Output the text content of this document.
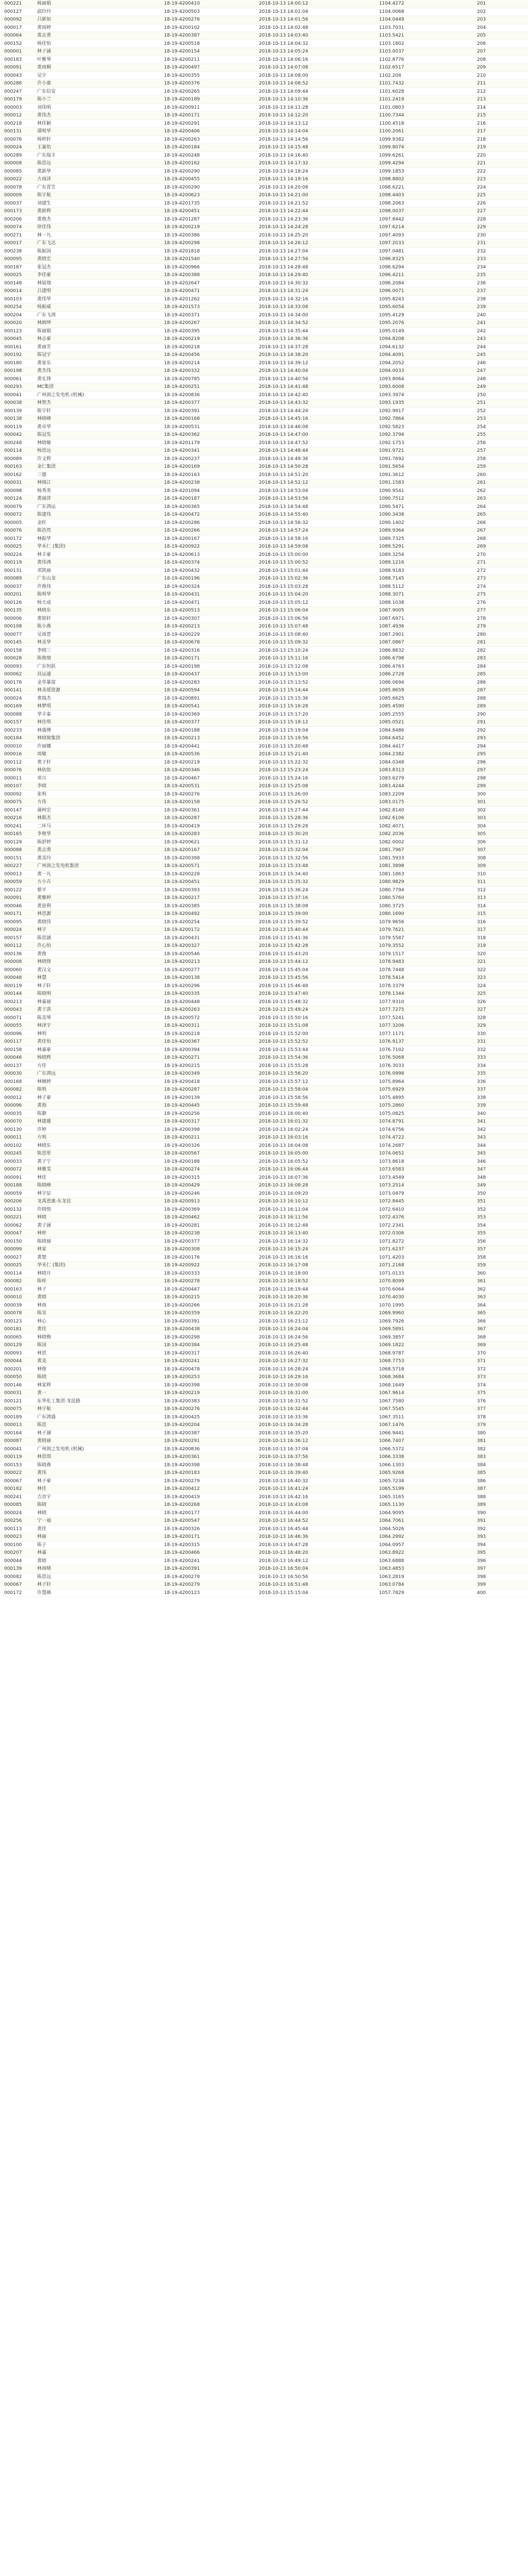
000221	杨丽娟	18-19-4200410	2018-10-13 14:00:12	1104.4272	201
000127	邱玲玲	18-19-4200503	2018-10-13 14:01:04	1104.0068	202
000092	吕新如	18-19-4200276	2018-10-13 14:01:56	1104.0449	203
000017	黄雨婷	18-19-4200102	2018-10-13 14:02:48	1103.7031	204
000064	黄志勇	18-19-4200387	2018-10-13 14:03:40	1103.5421	205
000152	杨佳怡	18-19-4200518	2018-10-13 14:04:32	1103.1802	206
000001	林子涵	18-19-4200154	2018-10-13 14:05:24	1103.0037	207
000183	叶雅琴	18-19-4200211	2018-10-13 14:06:16	1102.8776	208
000091	黄雨桐	18-19-4200497	2018-10-13 14:07:08	1102.6517	209
000043	吴宇	18-19-4200355	2018-10-13 14:08:00	1102.204	210
000286	许小康	18-19-4200376	2018-10-13 14:08:52	1101.7432	211
000247	广东信安	18-19-4200265	2018-10-13 14:09:44	1101.6028	212
000179	陈小兰	18-19-4200189	2018-10-13 14:10:36	1101.2419	213
000003	刘伟明	18-19-4200911	2018-10-13 14:11:28	1101.0803	214
000012	黄伟杰	18-19-4200171	2018-10-13 14:12:20	1100.7344	215
000218	林佳颖	18-19-4200291	2018-10-13 14:13:12	1100.4518	216
000131	谭明华	18-19-4200406	2018-10-13 14:14:04	1100.2061	217
000076	杨梓轩	18-19-4200263	2018-10-13 14:14:56	1099.9382	218
000024	王嘉怡	18-19-4200184	2018-10-13 14:15:48	1099.8074	219
000289	广东瑞丰	18-19-4200248	2018-10-13 14:16:40	1099.6261	220
000008	陈思远	18-19-4200162	2018-10-13 14:17:32	1099.4294	221
000085	黄新华	18-19-4200290	2018-10-13 14:18:24	1099.1853	222
000022	古雨泽	18-19-4200455	2018-10-13 14:19:16	1098.8802	223
000078	广东晋笠	18-19-4200290	2018-10-13 14:20:08	1098.6221	224
000009	陈宇航	18-19-4200623	2018-10-13 14:21:00	1098.4403	225
000037	刘建生	18-19-4201735	2018-10-13 14:21:52	1098.2063	226
000173	黄新辉	18-19-4200451	2018-10-13 14:22:44	1098.0037	227
000206	黄俊杰	18-19-4201287	2018-10-13 14:23:36	1097.8442	228
000074	徐佳伟	18-19-4200219	2018-10-13 14:24:28	1097.6214	229
000271	林一凡	18-19-4200386	2018-10-13 14:25:20	1097.4093	230
000017	广东飞达	18-19-4200298	2018-10-13 14:26:12	1097.2033	231
000238	陈振国	18-19-4201818	2018-10-13 14:27:04	1097.0481	232
000095	黄晓宏	18-19-4201540	2018-10-13 14:27:56	1096.8325	233
000187	张冠杰	18-19-4200966	2018-10-13 14:28:48	1096.6294	234
000025	李佳豪	18-19-4200388	2018-10-13 14:29:40	1096.4211	235
000148	林展翔	18-19-4202647	2018-10-13 14:30:32	1096.2084	236
000014	吕建明	18-19-4200471	2018-10-13 14:31:24	1096.0071	237
000103	黄伟华	18-19-4201262	2018-10-13 14:32:16	1095.8243	238
000254	杨振威	18-19-4201573	2018-10-13 14:33:08	1095.6054	239
000204	广东飞鸿	18-19-4200371	2018-10-13 14:34:00	1095.4129	240
000020	林炳坤	18-19-4200267	2018-10-13 14:34:52	1095.2076	241
000123	陈丽娟	18-19-4200395	2018-10-13 14:35:44	1095.0149	242
000045	林志豪	18-19-4200219	2018-10-13 14:36:36	1094.8208	243
000161	黄丽芳	18-19-4200218	2018-10-13 14:37:28	1094.6132	244
000192	陈冠宇	18-19-4200456	2018-10-13 14:38:20	1094.4091	245
000180	黄家乐	18-19-4200214	2018-10-13 14:39:12	1094.2052	246
000198	黄杰伟	18-19-4200332	2018-10-13 14:40:04	1094.0033	247
000061	黄礼锋	18-19-4200785	2018-10-13 14:40:56	1093.8064	248
000293	MC集团	18-19-4200251	2018-10-13 14:41:48	1093.6008	249
000041	广州润之发电机 (机械)	18-19-4200836	2018-10-13 14:42:40	1093.3974	250
000038	林智杰	18-19-4200377	2018-10-13 14:43:32	1093.1935	251
000139	陈宇轩	18-19-4200391	2018-10-13 14:44:24	1092.9917	252
000138	林晓峰	18-19-4200168	2018-10-13 14:45:16	1092.7864	253
000119	黄卓华	18-19-4200531	2018-10-13 14:46:08	1092.5823	254
000042	陈冠发	18-19-4200362	2018-10-13 14:47:00	1092.3794	255
000248	林晓敏	18-19-4201179	2018-10-13 14:47:52	1092.1753	256
000114	杨思远	18-19-4200341	2018-10-13 14:48:44	1091.9721	257
000089	许文辉	18-19-4200237	2018-10-13 14:49:36	1091.7692	258
000163	金仁集团	18-19-4200169	2018-10-13 14:50:28	1091.5654	259
000162	三德	18-19-4200163	2018-10-13 14:51:20	1091.3612	260
000031	林锦江	18-19-4200238	2018-10-13 14:52:12	1091.1583	261
000098	杨秀英	18-19-4201094	2018-10-13 14:53:04	1090.9541	262
000124	黄丽萍	18-19-4200187	2018-10-13 14:53:56	1090.7512	263
000079	广东鸿运	18-19-4200365	2018-10-13 14:54:48	1090.5471	264
000072	陈建伟	18-19-4200472	2018-10-13 14:55:40	1090.3438	265
000005	金旺	18-19-4200286	2018-10-13 14:56:32	1090.1402	266
000076	陈浩然	18-19-4200266	2018-10-13 14:57:24	1089.9364	267
000172	林振华	18-19-4200167	2018-10-13 14:58:16	1089.7325	268
000025	华禾仁 (集团)	18-19-4200922	2018-10-13 14:59:08	1089.5291	269
000224	林丰豪	18-19-4200613	2018-10-13 15:00:00	1089.3254	270
000119	黄伟鸿	18-19-4200374	2018-10-13 15:00:52	1089.1216	271
000131	邓凯丽	18-19-4200432	2018-10-13 15:01:44	1088.9183	272
000089	广东山龙	18-19-4200196	2018-10-13 15:02:36	1088.7145	273
000037	许俊伟	18-19-4200324	2018-10-13 15:03:28	1088.5112	274
000201	陈明华	18-19-4200431	2018-10-13 15:04:20	1088.3071	275
000126	杨天成	18-19-4200471	2018-10-13 15:05:12	1088.1038	276
000135	林晓东	18-19-4200513	2018-10-13 15:06:04	1087.9005	277
000006	黄铭轩	18-19-4200307	2018-10-13 15:06:56	1087.6971	278
000108	陈小燕	18-19-4200213	2018-10-13 15:07:48	1087.4936	279
000077	吴雨萱	18-19-4200229	2018-10-13 15:08:40	1087.2901	280
000145	林美华	18-19-4200678	2018-10-13 15:09:32	1087.0867	281
000158	李晓三	18-19-4200316	2018-10-13 15:10:24	1086.8832	282
000028	陈俊朋	18-19-4200171	2018-10-13 15:11:16	1086.6798	283
000093	广东恒跃	18-19-4200198	2018-10-13 15:12:08	1086.4763	284
000062	昌运通	18-19-4200437	2018-10-13 15:13:00	1086.2728	285
000178	金萃暴富	18-19-4200283	2018-10-13 15:13:52	1086.0694	286
000141	林美瑶资源	18-19-4200594	2018-10-13 15:14:44	1085.8659	287
000024	黄瑞杰	18-19-4200891	2018-10-13 15:15:36	1085.6625	288
000169	林梦琪	18-19-4200541	2018-10-13 15:16:28	1085.4590	289
000088	华丰泰	18-19-4200369	2018-10-13 15:17:20	1085.2555	290
000157	林佳琪	18-19-4200377	2018-10-13 15:18:12	1085.0521	291
000233	林盛博	18-19-4200188	2018-10-13 15:19:04	1084.8486	292
000184	林晓骏集团	18-19-4200213	2018-10-13 15:19:56	1084.6452	293
000010	许丽娜	18-19-4200441	2018-10-13 15:20:48	1084.4417	294
000016	周敏	18-19-4200536	2018-10-13 15:21:40	1084.2382	295
000112	黄子轩	18-19-4200219	2018-10-13 15:22:32	1084.0348	296
000076	林依依	18-19-4200346	2018-10-13 15:23:24	1083.8313	297
000011	邓兴	18-19-4200467	2018-10-13 15:24:16	1083.6279	298
000107	李晓	18-19-4200531	2018-10-13 15:25:08	1083.4244	299
000092	张明	18-19-4200276	2018-10-13 15:26:00	1083.2209	300
000075	方伟	18-19-4200158	2018-10-13 15:26:52	1083.0175	301
000147	蒲柯宏	18-19-4200361	2018-10-13 15:27:44	1082.8140	302
000216	林斯杰	18-19-4200287	2018-10-13 15:28:36	1082.6106	303
000241	二环马	18-19-4200419	2018-10-13 15:29:28	1082.4071	304
000165	李俊华	18-19-4200283	2018-10-13 15:30:20	1082.2036	305
000129	陈舒婷	18-19-4200621	2018-10-13 15:31:12	1082.0002	306
000088	黄志勇	18-19-4200167	2018-10-13 15:32:04	1081.7967	307
000151	黄美玲	18-19-4200398	2018-10-13 15:32:56	1081.5933	308
000227	广州润之发电机集团	18-19-4200571	2018-10-13 15:33:48	1081.3898	309
000013	黄一凡	18-19-4200228	2018-10-13 15:34:40	1081.1863	310
000059	方小卉	18-19-4200451	2018-10-13 15:35:32	1080.9829	311
000122	蔡平	18-19-4200393	2018-10-13 15:36:24	1080.7794	312
000091	黄雅婷	18-19-4200217	2018-10-13 15:37:16	1080.5760	313
000046	黄迎利	18-19-4200385	2018-10-13 15:38:08	1080.3725	314
000171	林思源	18-19-4200492	2018-10-13 15:39:00	1080.1690	315
000095	黄晓伟	18-19-4200254	2018-10-13 15:39:52	1079.9656	316
000024	林宇	18-19-4200172	2018-10-13 15:40:44	1079.7621	317
000157	陈思涵	18-19-4200431	2018-10-13 15:41:36	1079.5587	318
000112	许心怡	18-19-4200327	2018-10-13 15:42:28	1079.3552	319
000136	黄俊	18-19-4200546	2018-10-13 15:43:20	1079.1517	320
000008	林晓锋	18-19-4200213	2018-10-13 15:44:12	1078.9483	321
000060	黄汉文	18-19-4200277	2018-10-13 15:45:04	1078.7448	322
000048	林慧	18-19-4200138	2018-10-13 15:45:56	1078.5414	323
000119	林子轩	18-19-4200296	2018-10-13 15:46:48	1078.3379	324
000144	陈晓明	18-19-4200335	2018-10-13 15:47:40	1078.1344	325
000213	林嘉丽	18-19-4200448	2018-10-13 15:48:32	1077.9310	326
000043	黄子淇	18-19-4200263	2018-10-13 15:49:24	1077.7275	327
000071	陈美琴	18-19-4200572	2018-10-13 15:50:16	1077.5241	328
000055	林泽宇	18-19-4200311	2018-10-13 15:51:08	1077.3206	329
000096	林明	18-19-4200218	2018-10-13 15:52:00	1077.1171	330
000117	黄佳怡	18-19-4200367	2018-10-13 15:52:52	1076.9137	331
000158	林嘉豪	18-19-4200394	2018-10-13 15:53:44	1076.7102	332
000046	杨晓辉	18-19-4200271	2018-10-13 15:54:36	1076.5068	333
000137	方佳	18-19-4200215	2018-10-13 15:55:28	1076.3033	334
000030	广东鸿远	18-19-4200349	2018-10-13 15:56:20	1076.0998	335
000168	林婉婷	18-19-4200418	2018-10-13 15:57:12	1075.8964	336
000082	陈明	18-19-4200287	2018-10-13 15:58:04	1075.6929	337
000012	林子豪	18-19-4200139	2018-10-13 15:58:56	1075.4895	338
000096	黄海	18-19-4200445	2018-10-13 15:59:48	1075.2860	339
000035	陈静	18-19-4200256	2018-10-13 16:00:40	1075.0825	340
000070	林建雄	18-19-4200317	2018-10-13 16:01:32	1074.8791	341
000130	许婷	18-19-4200398	2018-10-13 16:02:24	1074.6756	342
000011	方明	18-19-4200211	2018-10-13 16:03:16	1074.4722	343
000102	林晓东	18-19-4200326	2018-10-13 16:04:08	1074.2687	344
000245	陈思彤	18-19-4200567	2018-10-13 16:05:00	1074.0652	345
000033	黄子宁	18-19-4200188	2018-10-13 16:05:52	1073.8618	346
000072	林雅雯	18-19-4200274	2018-10-13 16:06:44	1073.6583	347
000091	林佳	18-19-4200315	2018-10-13 16:07:36	1073.4549	348
000188	陈晓峰	18-19-4200429	2018-10-13 16:08:28	1073.2514	349
000059	林宇辰	18-19-4200246	2018-10-13 16:09:20	1073.0479	350
000206	龙禹恩惠·东龙昆	18-19-4200913	2018-10-13 16:10:12	1072.8445	351
000132	许晓悦	18-19-4200369	2018-10-13 16:11:04	1072.6410	352
000221	林晓	18-19-4200462	2018-10-13 16:11:56	1072.4376	353
000062	黄子涵	18-19-4200281	2018-10-13 16:12:48	1072.2341	354
000047	林梓	18-19-4200238	2018-10-13 16:13:40	1072.0306	355
000150	陈晓丽	18-19-4200377	2018-10-13 16:14:32	1071.8272	356
000099	林家	18-19-4200308	2018-10-13 16:15:24	1071.6237	357
000027	黄楚	18-19-4200176	2018-10-13 16:16:16	1071.4203	358
000025	华禾仁 (集团)	18-19-4200922	2018-10-13 16:17:08	1071.2168	359
000114	林晓月	18-19-4200333	2018-10-13 16:18:00	1071.0133	360
000082	陈梓	18-19-4200278	2018-10-13 16:18:52	1070.8099	361
000163	林子	18-19-4200447	2018-10-13 16:19:44	1070.6064	362
000010	黄晓	18-19-4200215	2018-10-13 16:20:36	1070.4030	363
000039	林雨	18-19-4200266	2018-10-13 16:21:28	1070.1995	364
000078	陈昊	18-19-4200359	2018-10-13 16:22:20	1069.9960	365
000123	林心	18-19-4200391	2018-10-13 16:23:12	1069.7926	366
000181	黄佳	18-19-4200438	2018-10-13 16:24:04	1069.5891	367
000065	林晓梅	18-19-4200298	2018-10-13 16:24:56	1069.3857	368
000129	陈国	18-19-4200384	2018-10-13 16:25:48	1069.1822	369
000093	林思	18-19-4200317	2018-10-13 16:26:40	1068.9787	370
000044	黄美	18-19-4200241	2018-10-13 16:27:32	1068.7753	371
000201	林俊	18-19-4200478	2018-10-13 16:28:24	1068.5718	372
000050	陈晓	18-19-4200253	2018-10-13 16:29:16	1068.3684	373
000146	林家辉	18-19-4200398	2018-10-13 16:30:08	1068.1649	374
000031	黄一	18-19-4200219	2018-10-13 16:31:00	1067.9614	375
000121	东华化工集团·龙昆路	18-19-4200383	2018-10-13 16:31:52	1067.7580	376
000075	林宇航	18-19-4200276	2018-10-13 16:32:44	1067.5545	377
000189	广东鸿盛	18-19-4200425	2018-10-13 16:33:36	1067.3511	378
000013	陈思	18-19-4200204	2018-10-13 16:34:28	1067.1476	379
000164	林子涵	18-19-4200387	2018-10-13 16:35:20	1066.9441	380
000087	黄晓丽	18-19-4200291	2018-10-13 16:36:12	1066.7407	381
000041	广州润之发电机 (机械)	18-19-4200836	2018-10-13 16:37:04	1066.5372	382
000119	林思琪	18-19-4200361	2018-10-13 16:37:56	1066.3338	383
000153	陈晓燕	18-19-4200398	2018-10-13 16:38:48	1066.1303	384
000022	黄伟	18-19-4200183	2018-10-13 16:39:40	1065.9268	385
000067	林子豪	18-19-4200279	2018-10-13 16:40:32	1065.7234	386
000182	林佳	18-19-4200412	2018-10-13 16:41:24	1065.5199	387
000241	吉首宇	18-19-4200419	2018-10-13 16:42:16	1065.3165	388
000085	陈晓	18-19-4200268	2018-10-13 16:43:08	1065.1130	389
000024	林晓	18-19-4200177	2018-10-13 16:44:00	1064.9095	390
000256	宁一福	18-19-4200547	2018-10-13 16:44:52	1064.7061	391
000113	黄佳	18-19-4200326	2018-10-13 16:45:44	1064.5026	392
000023	林丽	18-19-4200171	2018-10-13 16:46:36	1064.2992	393
000100	陈子	18-19-4200315	2018-10-13 16:47:28	1064.0957	394
000207	林嘉	18-19-4200466	2018-10-13 16:48:20	1063.8922	395
000044	黄晓	18-19-4200241	2018-10-13 16:49:12	1063.6888	396
000139	林雨晴	18-19-4200391	2018-10-13 16:50:04	1063.4853	397
000082	陈思远	18-19-4200278	2018-10-13 16:50:56	1063.2819	398
000067	林子轩	18-19-4200279	2018-10-13 16:51:48	1063.0784	399
000172	许慧颜	18-19-4200123	2018-10-13 15:15:04	1057.7829	400
